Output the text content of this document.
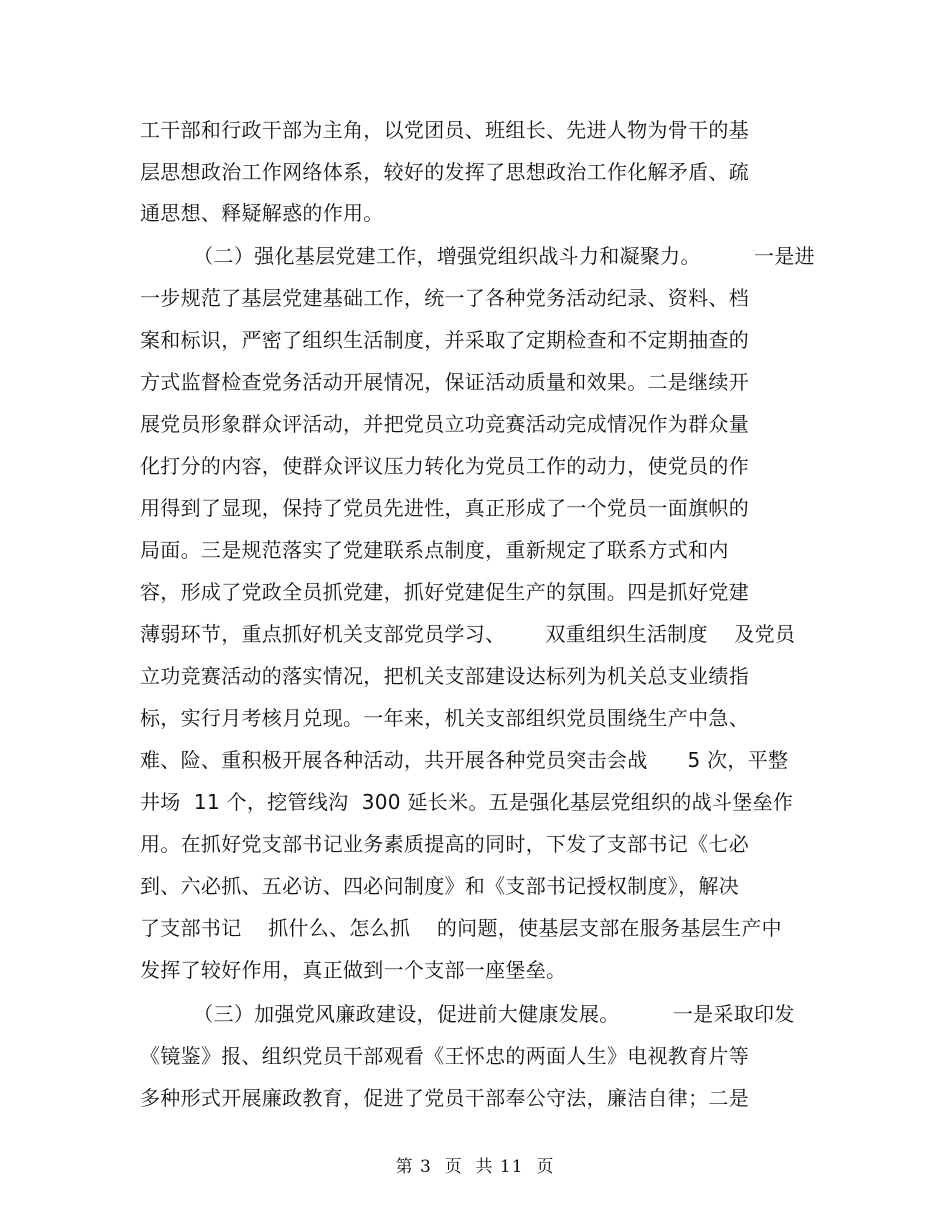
工干部和行政干部为主角，以党团员、班组长、先进人物为骨干的基
层思想政治工作网络体系，较好的发挥了思想政治工作化解矛盾、疏
通思想、释疑解惑的作用。
（二）强化基层党建工作，增强党组织战斗力和凝聚力。        一是进
一步规范了基层党建基础工作，统一了各种党务活动纪录、资料、档
案和标识，严密了组织生活制度，并采取了定期检查和不定期抽查的
方式监督检查党务活动开展情况，保证活动质量和效果。二是继续开
展党员形象群众评活动，并把党员立功竞赛活动完成情况作为群众量
化打分的内容，使群众评议压力转化为党员工作的动力，使党员的作
用得到了显现，保持了党员先进性，真正形成了一个党员一面旗帜的
局面。三是规范落实了党建联系点制度，重新规定了联系方式和内
容，形成了党政全员抓党建，抓好党建促生产的氛围。四是抓好党建
薄弱环节，重点抓好机关支部党员学习、      双重组织生活制度    及党员
立功竞赛活动的落实情况，把机关支部建设达标列为机关总支业绩指
标，实行月考核月兑现。一年来，机关支部组织党员围绕生产中急、
难、险、重积极开展各种活动，共开展各种党员突击会战      5 次，平整
井场  11 个，挖管线沟  300 延长米。五是强化基层党组织的战斗堡垒作
用。在抓好党支部书记业务素质提高的同时，下发了支部书记《七必
到、六必抓、五必访、四必问制度》和《支部书记授权制度》，解决
了支部书记    抓什么、怎么抓    的问题，使基层支部在服务基层生产中
发挥了较好作用，真正做到一个支部一座堡垒。
（三）加强党风廉政建设，促进前大健康发展。        一是采取印发
《镜鉴》报、组织党员干部观看《王怀忠的两面人生》电视教育片等
多种形式开展廉政教育，促进了党员干部奉公守法，廉洁自律；二是
第 3  页  共 11  页
